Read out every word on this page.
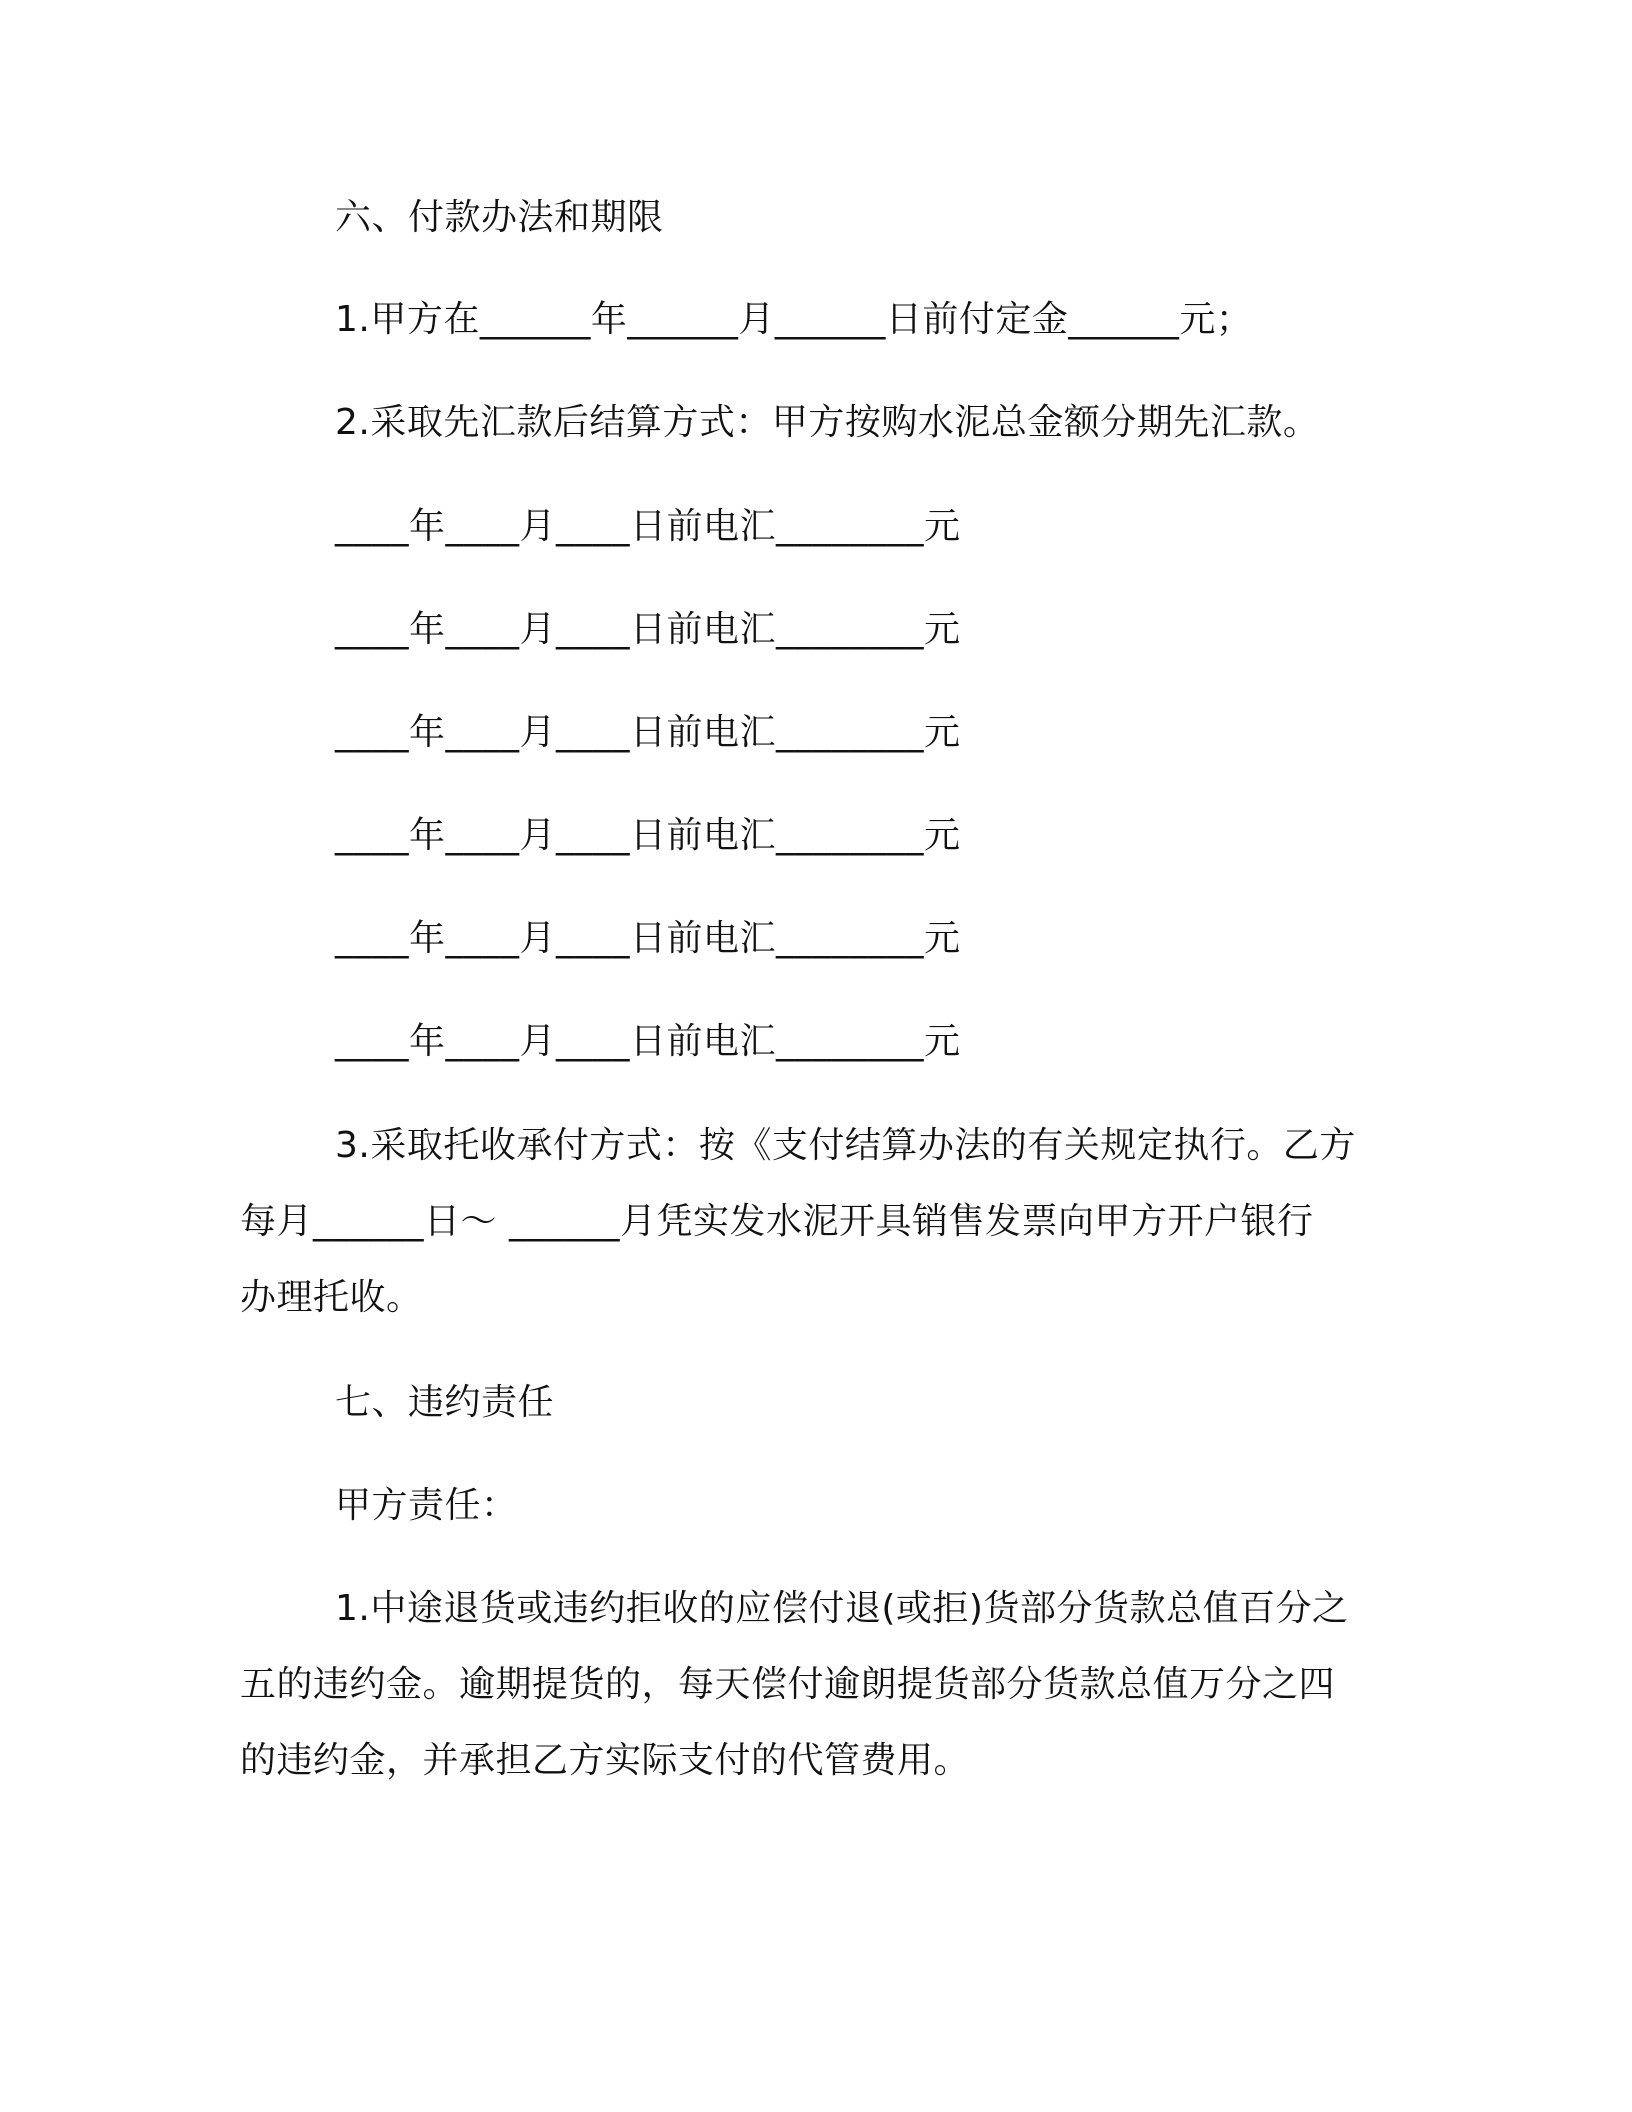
六、付款办法和期限
1.甲方在______年______月______日前付定金______元；
2.采取先汇款后结算方式：甲方按购水泥总金额分期先汇款。
____年____月____日前电汇________元
____年____月____日前电汇________元
____年____月____日前电汇________元
____年____月____日前电汇________元
____年____月____日前电汇________元
____年____月____日前电汇________元
3.采取托收承付方式：按《支付结算办法的有关规定执行。乙方
每月______日～ ______月凭实发水泥开具销售发票向甲方开户银行
办理托收。
七、违约责任
甲方责任：
1.中途退货或违约拒收的应偿付退(或拒)货部分货款总值百分之
五的违约金。逾期提货的，每天偿付逾朗提货部分货款总值万分之四
的违约金，并承担乙方实际支付的代管费用。
